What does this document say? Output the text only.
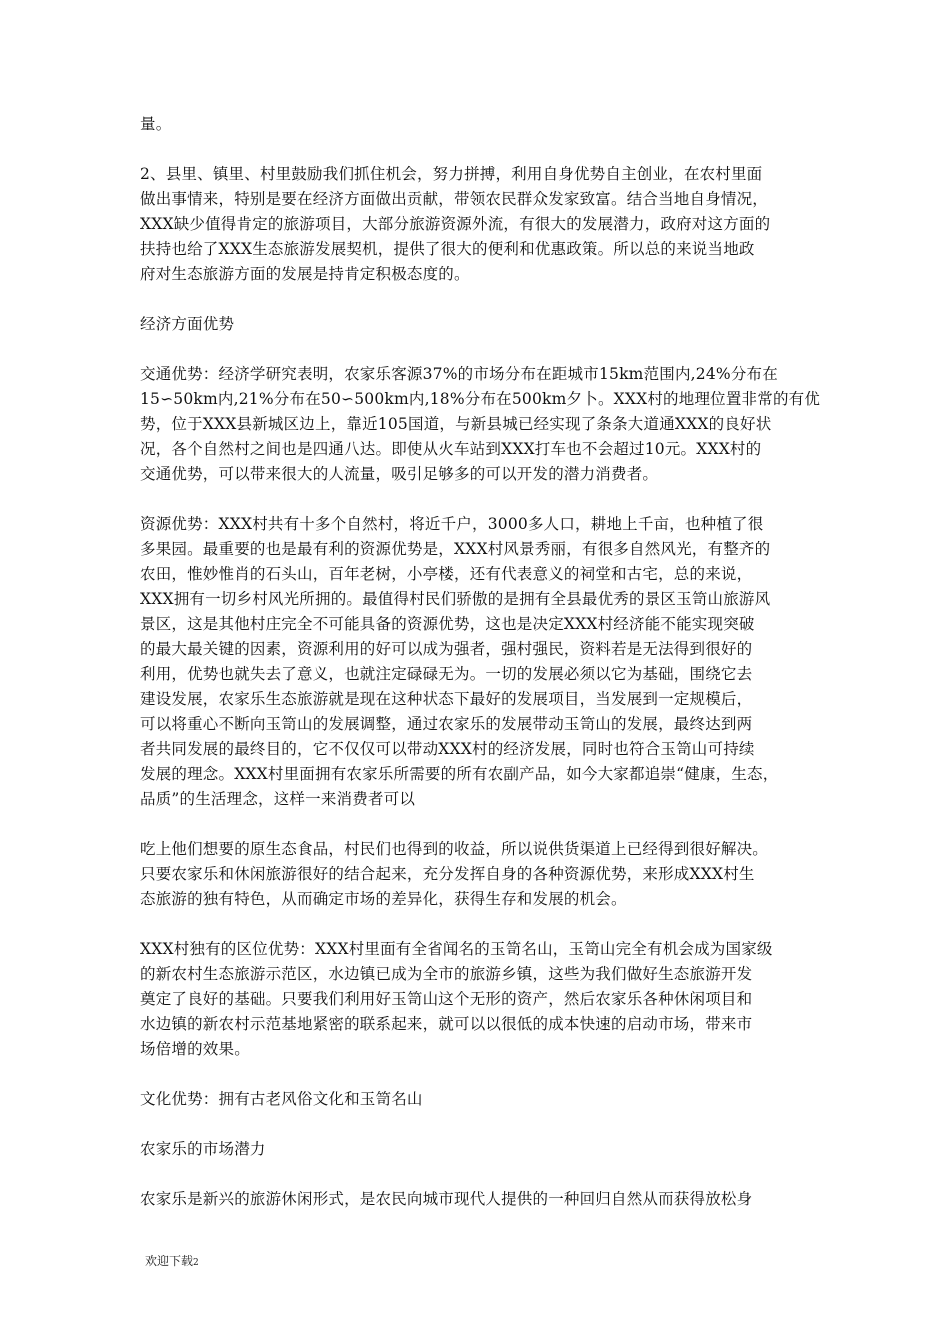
量。
2、县里、镇里、村里鼓励我们抓住机会，努力拼搏，利用自身优势自主创业，在农村里面
做出事情来，特别是要在经济方面做出贡献，带领农民群众发家致富。结合当地自身情况，
XXX缺少值得肯定的旅游项目，大部分旅游资源外流，有很大的发展潜力，政府对这方面的
扶持也给了XXX生态旅游发展契机，提供了很大的便利和优惠政策。所以总的来说当地政
府对生态旅游方面的发展是持肯定积极态度的。
经济方面优势
交通优势：经济学研究表明，农家乐客源37%的市场分布在距城市15km范围内,24%分布在
15∽50km内,21%分布在50∽500km内,18%分布在500km夕卜。XXX村的地理位置非常的有优
势，位于XXX县新城区边上，靠近105国道，与新县城已经实现了条条大道通XXX的良好状
况，各个自然村之间也是四通八达。即使从火车站到XXX打车也不会超过10元。XXX村的
交通优势，可以带来很大的人流量，吸引足够多的可以开发的潜力消费者。
资源优势：XXX村共有十多个自然村，将近千户，3000多人口，耕地上千亩，也种植了很
多果园。最重要的也是最有利的资源优势是，XXX村风景秀丽，有很多自然风光，有整齐的
农田，惟妙惟肖的石头山，百年老树，小亭楼，还有代表意义的祠堂和古宅，总的来说，
XXX拥有一切乡村风光所拥的。最值得村民们骄傲的是拥有全县最优秀的景区玉笥山旅游风
景区，这是其他村庄完全不可能具备的资源优势，这也是决定XXX村经济能不能实现突破
的最大最关键的因素，资源利用的好可以成为强者，强村强民，资料若是无法得到很好的
利用，优势也就失去了意义，也就注定碌碌无为。一切的发展必须以它为基础，围绕它去
建设发展，农家乐生态旅游就是现在这种状态下最好的发展项目，当发展到一定规模后，
可以将重心不断向玉笥山的发展调整，通过农家乐的发展带动玉笥山的发展，最终达到两
者共同发展的最终目的，它不仅仅可以带动XXX村的经济发展，同时也符合玉笥山可持续
发展的理念。XXX村里面拥有农家乐所需要的所有农副产品，如今大家都追崇“健康，生态，
品质”的生活理念，这样一来消费者可以
吃上他们想要的原生态食品，村民们也得到的收益，所以说供货渠道上已经得到很好解决。
只要农家乐和休闲旅游很好的结合起来，充分发挥自身的各种资源优势，来形成XXX村生
态旅游的独有特色，从而确定市场的差异化，获得生存和发展的机会。
XXX村独有的区位优势：XXX村里面有全省闻名的玉笥名山，玉笥山完全有机会成为国家级
的新农村生态旅游示范区，水边镇已成为全市的旅游乡镇，这些为我们做好生态旅游开发
奠定了良好的基础。只要我们利用好玉笥山这个无形的资产，然后农家乐各种休闲项目和
水边镇的新农村示范基地紧密的联系起来，就可以以很低的成本快速的启动市场，带来市
场倍增的效果。
文化优势：拥有古老风俗文化和玉笥名山
农家乐的市场潜力
农家乐是新兴的旅游休闲形式，是农民向城市现代人提供的一种回归自然从而获得放松身
欢迎下载2
